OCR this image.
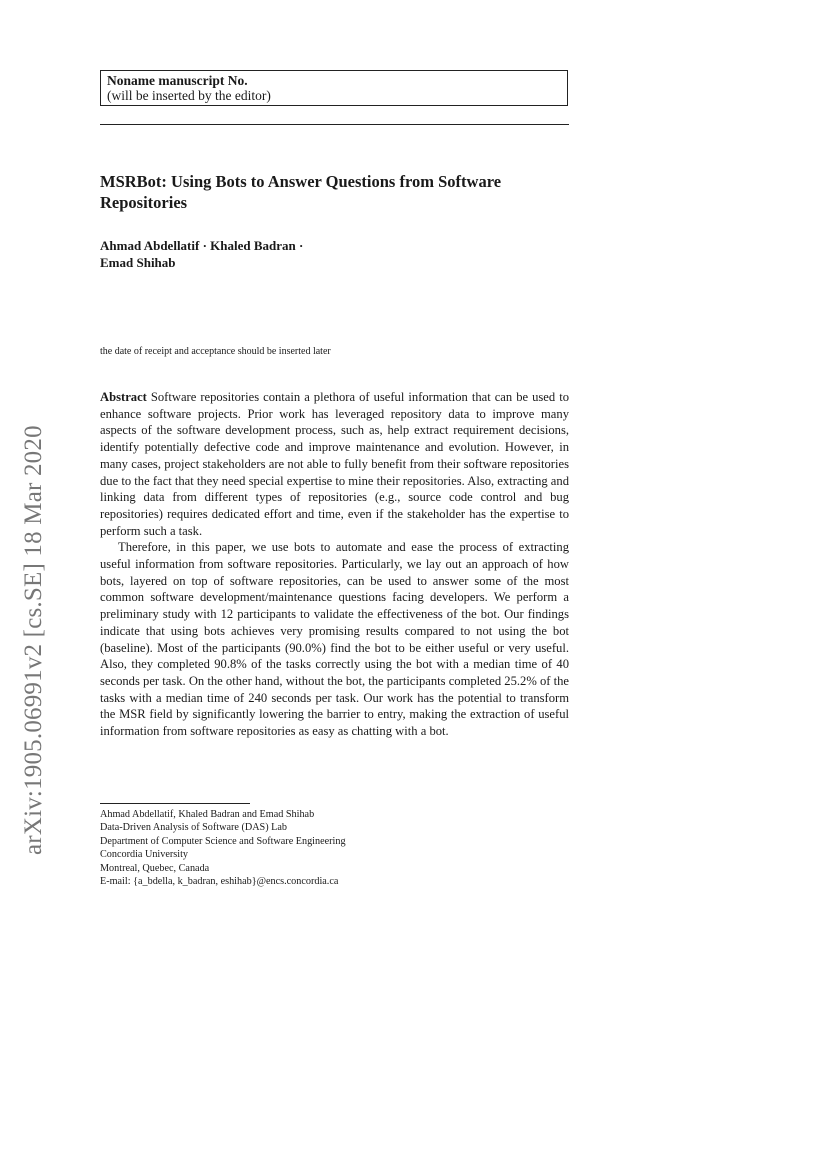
arXiv:1905.06991v2 [cs.SE] 18 Mar 2020
Noname manuscript No.
(will be inserted by the editor)
MSRBot: Using Bots to Answer Questions from Software Repositories
Ahmad Abdellatif · Khaled Badran ·
Emad Shihab
the date of receipt and acceptance should be inserted later

Abstract Software repositories contain a plethora of useful information that can be used to enhance software projects. Prior work has leveraged repository data to improve many aspects of the software development process, such as, help extract requirement decisions, identify potentially defective code and improve maintenance and evolution. However, in many cases, project stakeholders are not able to fully benefit from their software repositories due to the fact that they need special expertise to mine their repositories. Also, extracting and linking data from different types of repositories (e.g., source code control and bug repositories) requires dedicated effort and time, even if the stakeholder has the expertise to perform such a task.

Therefore, in this paper, we use bots to automate and ease the process of extracting useful information from software repositories. Particularly, we lay out an approach of how bots, layered on top of software repositories, can be used to answer some of the most common software development/maintenance questions facing developers. We perform a preliminary study with 12 participants to validate the effectiveness of the bot. Our findings indicate that using bots achieves very promising results compared to not using the bot (baseline). Most of the participants (90.0%) find the bot to be either useful or very useful. Also, they completed 90.8% of the tasks correctly using the bot with a median time of 40 seconds per task. On the other hand, without the bot, the participants completed 25.2% of the tasks with a median time of 240 seconds per task. Our work has the potential to transform the MSR field by significantly lowering the barrier to entry, making the extraction of useful information from software repositories as easy as chatting with a bot.

Ahmad Abdellatif, Khaled Badran and Emad Shihab
Data-Driven Analysis of Software (DAS) Lab
Department of Computer Science and Software Engineering
Concordia University
Montreal, Quebec, Canada
E-mail: {a_bdella, k_badran, eshihab}@encs.concordia.ca
